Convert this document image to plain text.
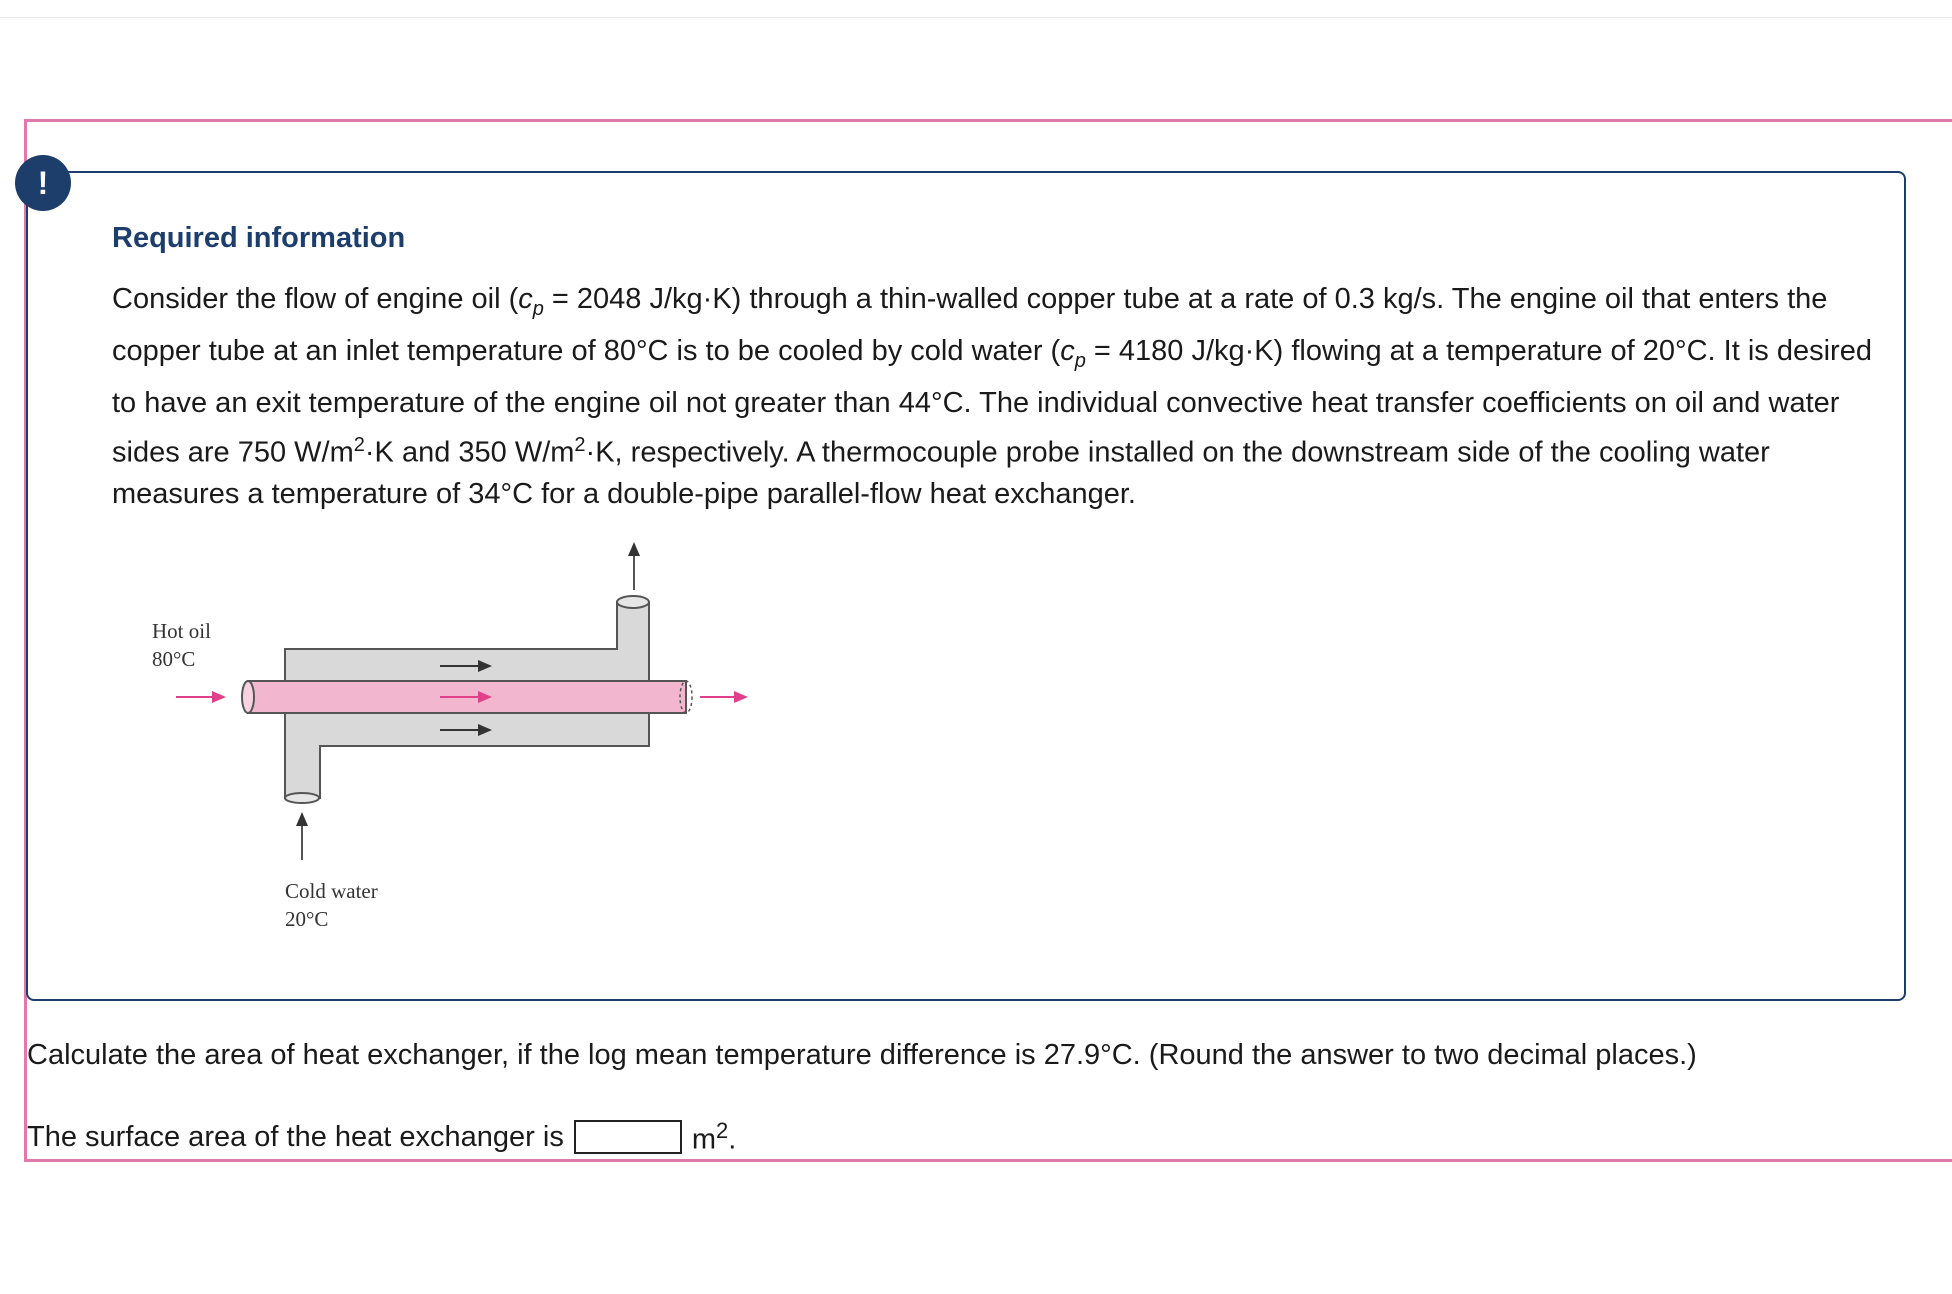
!
Required information
Consider the flow of engine oil ($c_p = 2048$ J/kg·K) through a thin-walled copper tube at a rate of 0.3 kg/s. The engine oil that enters the copper tube at an inlet temperature of 80°C is to be cooled by cold water ($c_p = 4180$ J/kg·K) flowing at a temperature of 20°C. It is desired to have an exit temperature of the engine oil not greater than 44°C. The individual convective heat transfer coefficients on oil and water sides are 750 $W/m^2\cdot K$ and 350 $W/m^2\cdot K$, respectively. A thermocouple probe installed on the downstream side of the cooling water measures a temperature of 34°C for a double-pipe parallel-flow heat exchanger.
Hot oil
80°C
Cold water
20°C
Calculate the area of heat exchanger, if the log mean temperature difference is 27.9°C. (Round the answer to two decimal places.)
The surface area of the heat exchanger is	$m^2$.
